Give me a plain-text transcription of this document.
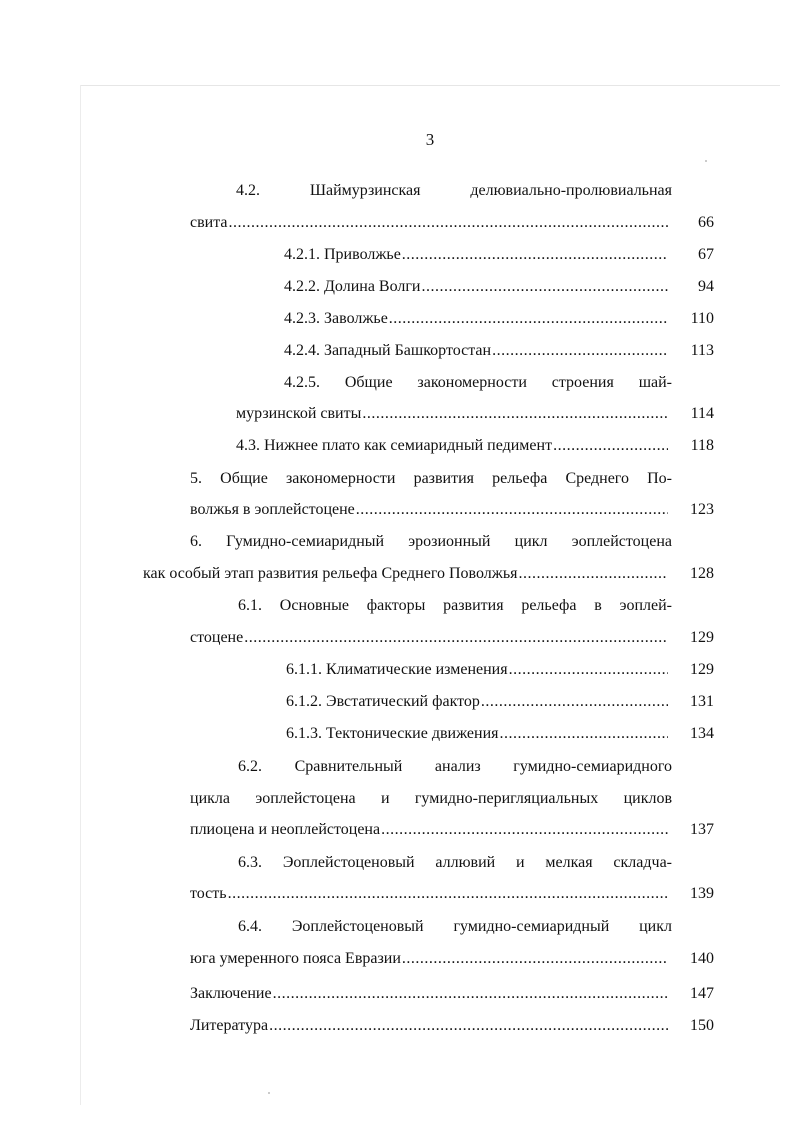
3
4.2. Шаймурзинская делювиально-пролювиальная
свита .....	66
4.2.1. Приволжье .....	67
4.2.2. Долина Волги .....	94
4.2.3. Заволжье .....	110
4.2.4. Западный Башкортостан .....	113
4.2.5. Общие закономерности строения шай-
мурзинской свиты .....	114
4.3. Нижнее плато как семиаридный педимент .....	118
5. Общие закономерности развития рельефа Среднего По-
волжья в эоплейстоцене .....	123
6. Гумидно-семиаридный эрозионный цикл эоплейстоцена
как особый этап развития рельефа Среднего Поволжья .....	128
6.1. Основные факторы развития рельефа в эоплей-
стоцене .....	129
6.1.1. Климатические изменения .....	129
6.1.2. Эвстатический фактор .....	131
6.1.3. Тектонические движения .....	134
6.2. Сравнительный анализ гумидно-семиаридного
цикла эоплейстоцена и гумидно-перигляциальных циклов
плиоцена и неоплейстоцена .....	137
6.3. Эоплейстоценовый аллювий и мелкая складча-
тость .....	139
6.4. Эоплейстоценовый гумидно-семиаридный цикл
юга умеренного пояса Евразии .....	140
Заключение .....	147
Литература .....	150
